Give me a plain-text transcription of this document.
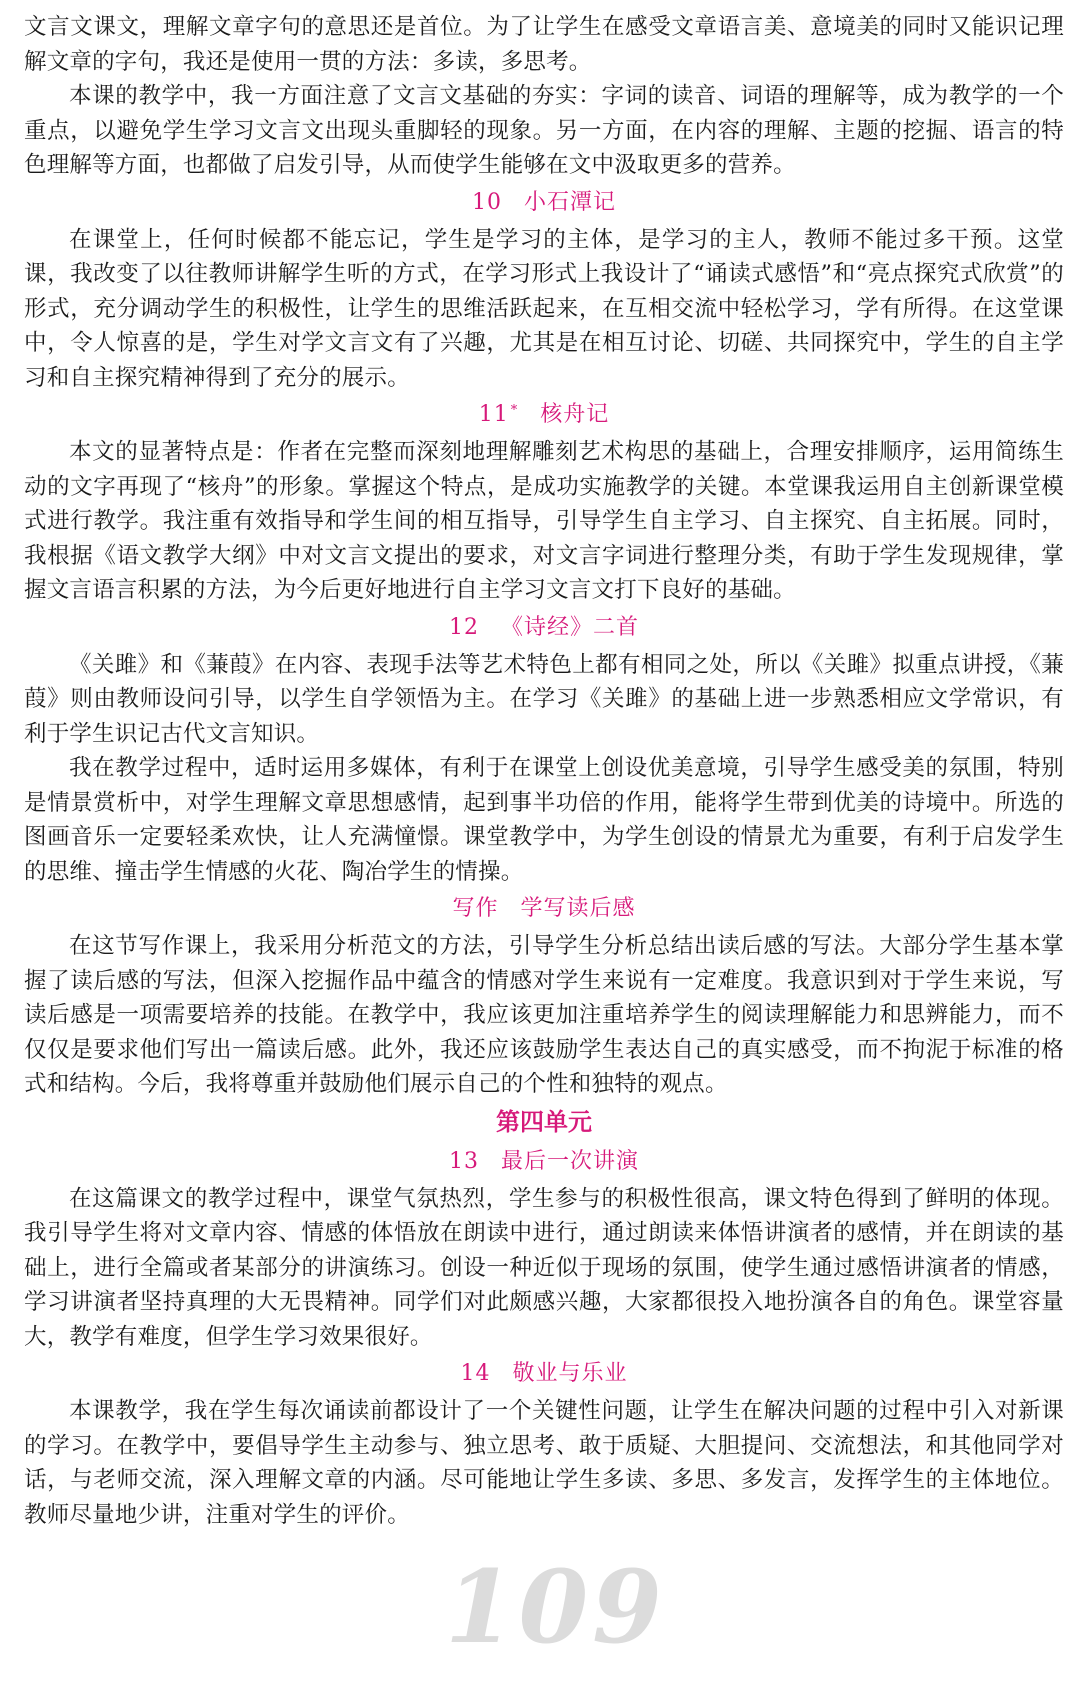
109

文言文课文，理解文章字句的意思还是首位。为了让学生在感受文章语言美、意境美的同时又能识记理解文章的字句，我还是使用一贯的方法：多读，多思考。

本课的教学中，我一方面注意了文言文基础的夯实：字词的读音、词语的理解等，成为教学的一个重点，以避免学生学习文言文出现头重脚轻的现象。另一方面，在内容的理解、主题的挖掘、语言的特色理解等方面，也都做了启发引导，从而使学生能够在文中汲取更多的营养。

10 小石潭记

在课堂上，任何时候都不能忘记，学生是学习的主体，是学习的主人，教师不能过多干预。这堂课，我改变了以往教师讲解学生听的方式，在学习形式上我设计了“诵读式感悟”和“亮点探究式欣赏”的形式，充分调动学生的积极性，让学生的思维活跃起来，在互相交流中轻松学习，学有所得。在这堂课中，令人惊喜的是，学生对学文言文有了兴趣，尤其是在相互讨论、切磋、共同探究中，学生的自主学习和自主探究精神得到了充分的展示。

11 * 核舟记

本文的显著特点是：作者在完整而深刻地理解雕刻艺术构思的基础上，合理安排顺序，运用简练生动的文字再现了“核舟”的形象。掌握这个特点，是成功实施教学的关键。本堂课我运用自主创新课堂模式进行教学。我注重有效指导和学生间的相互指导，引导学生自主学习、自主探究、自主拓展。同时，我根据《语文教学大纲》中对文言文提出的要求，对文言字词进行整理分类，有助于学生发现规律，掌握文言语言积累的方法，为今后更好地进行自主学习文言文打下良好的基础。

12 《诗经》二首

《关雎》和《蒹葭》在内容、表现手法等艺术特色上都有相同之处，所以《关雎》拟重点讲授，《蒹葭》则由教师设问引导，以学生自学领悟为主。在学习《关雎》的基础上进一步熟悉相应文学常识，有利于学生识记古代文言知识。

我在教学过程中，适时运用多媒体，有利于在课堂上创设优美意境，引导学生感受美的氛围，特别是情景赏析中，对学生理解文章思想感情，起到事半功倍的作用，能将学生带到优美的诗境中。所选的图画音乐一定要轻柔欢快，让人充满憧憬。课堂教学中，为学生创设的情景尤为重要，有利于启发学生的思维、撞击学生情感的火花、陶冶学生的情操。

写作 学写读后感

在这节写作课上，我采用分析范文的方法，引导学生分析总结出读后感的写法。大部分学生基本掌握了读后感的写法，但深入挖掘作品中蕴含的情感对学生来说有一定难度。我意识到对于学生来说，写读后感是一项需要培养的技能。在教学中，我应该更加注重培养学生的阅读理解能力和思辨能力，而不仅仅是要求他们写出一篇读后感。此外，我还应该鼓励学生表达自己的真实感受，而不拘泥于标准的格式和结构。今后，我将尊重并鼓励他们展示自己的个性和独特的观点。

第四单元
13 最后一次讲演

在这篇课文的教学过程中，课堂气氛热烈，学生参与的积极性很高，课文特色得到了鲜明的体现。我引导学生将对文章内容、情感的体悟放在朗读中进行，通过朗读来体悟讲演者的感情，并在朗读的基础上，进行全篇或者某部分的讲演练习。创设一种近似于现场的氛围，使学生通过感悟讲演者的情感，学习讲演者坚持真理的大无畏精神。同学们对此颇感兴趣，大家都很投入地扮演各自的角色。课堂容量大，教学有难度，但学生学习效果很好。

14 敬业与乐业

本课教学，我在学生每次诵读前都设计了一个关键性问题，让学生在解决问题的过程中引入对新课的学习。在教学中，要倡导学生主动参与、独立思考、敢于质疑、大胆提问、交流想法，和其他同学对话，与老师交流，深入理解文章的内涵。尽可能地让学生多读、多思、多发言，发挥学生的主体地位。教师尽量地少讲，注重对学生的评价。
